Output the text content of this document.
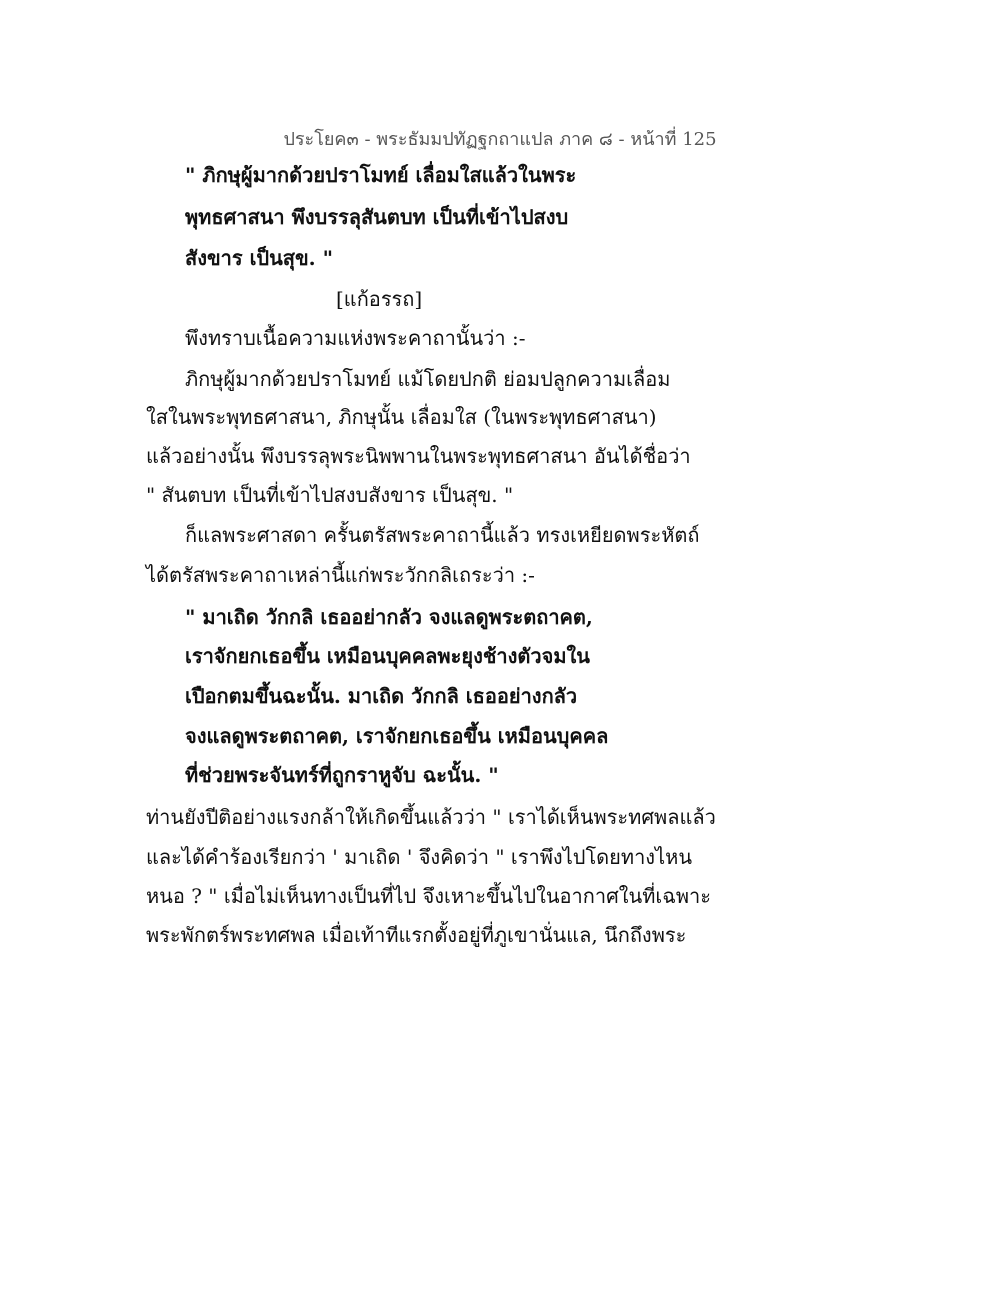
ประโยค๓ - พระธัมมปทัฏฐกถาแปล ภาค ๘ - หน้าที่ 125
" ภิกษุผู้มากด้วยปราโมทย์ เลื่อมใสแล้วในพระ
พุทธศาสนา พึงบรรลุสันตบท เป็นที่เข้าไปสงบ
สังขาร เป็นสุข. "
[แก้อรรถ]
พึงทราบเนื้อความแห่งพระคาถานั้นว่า :-
ภิกษุผู้มากด้วยปราโมทย์ แม้โดยปกติ ย่อมปลูกความเลื่อม
ใสในพระพุทธศาสนา, ภิกษุนั้น เลื่อมใส (ในพระพุทธศาสนา)
แล้วอย่างนั้น พึงบรรลุพระนิพพานในพระพุทธศาสนา อันได้ชื่อว่า
" สันตบท เป็นที่เข้าไปสงบสังขาร เป็นสุข. "
ก็แลพระศาสดา ครั้นตรัสพระคาถานี้แล้ว ทรงเหยียดพระหัตถ์
ได้ตรัสพระคาถาเหล่านี้แก่พระวักกลิเถระว่า :-
" มาเถิด วักกลิ เธออย่ากลัว จงแลดูพระตถาคต,
เราจักยกเธอขึ้น เหมือนบุคคลพะยุงช้างตัวจมใน
เปือกตมขึ้นฉะนั้น. มาเถิด วักกลิ เธออย่างกลัว
จงแลดูพระตถาคต, เราจักยกเธอขึ้น เหมือนบุคคล
ที่ช่วยพระจันทร์ที่ถูกราหูจับ ฉะนั้น. "
ท่านยังปีติอย่างแรงกล้าให้เกิดขึ้นแล้วว่า " เราได้เห็นพระทศพลแล้ว
และได้คำร้องเรียกว่า ' มาเถิด ' จึงคิดว่า " เราพึงไปโดยทางไหน
หนอ ? " เมื่อไม่เห็นทางเป็นที่ไป จึงเหาะขึ้นไปในอากาศในที่เฉพาะ
พระพักตร์พระทศพล เมื่อเท้าทีแรกตั้งอยู่ที่ภูเขานั่นแล, นึกถึงพระ
